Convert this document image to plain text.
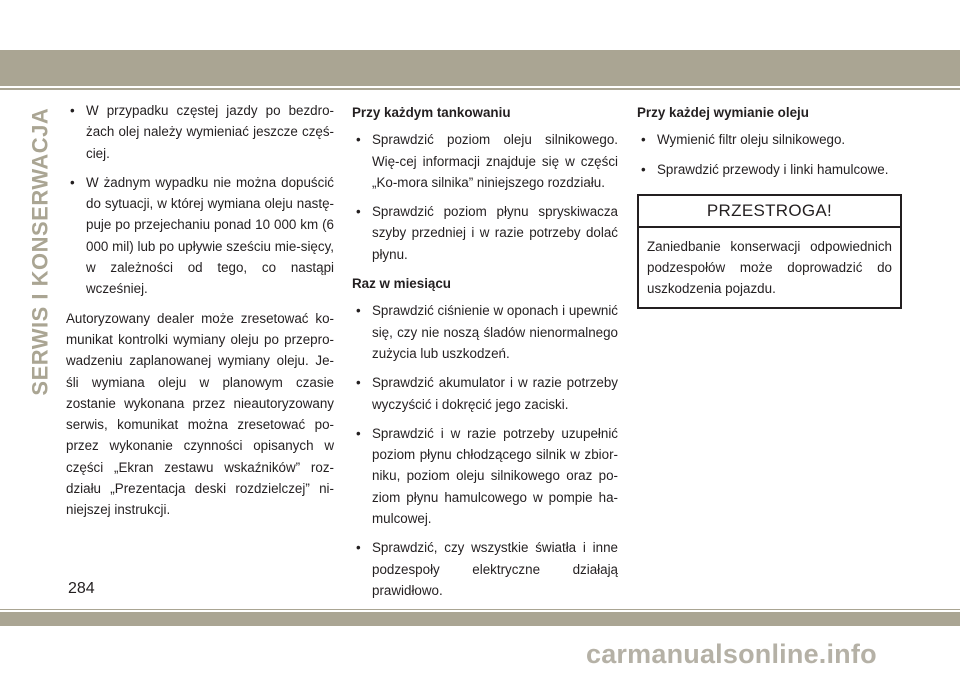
SERWIS I KONSERWACJA • W przypadku częstej jazdy po bezdro-żach olej należy wymieniać jeszcze częś-ciej.
• W żadnym wypadku nie można dopuścić do sytuacji, w której wymiana oleju nastę-puje po przejechaniu ponad 10 000 km (6 000 mil) lub po upływie sześciu mie-sięcy, w zależności od tego, co nastąpi wcześniej.

Autoryzowany dealer może zresetować ko-munikat kontrolki wymiany oleju po przepro-wadzeniu zaplanowanej wymiany oleju. Je-śli wymiana oleju w planowym czasie zostanie wykonana przez nieautoryzowany serwis, komunikat można zresetować po-przez wykonanie czynności opisanych w części „Ekran zestawu wskaźników” roz-działu „Prezentacja deski rozdzielczej” ni-niejszej instrukcji.

Przy każdym tankowaniu
• Sprawdzić poziom oleju silnikowego. Wię-cej informacji znajduje się w części „Ko-mora silnika” niniejszego rozdziału.
• Sprawdzić poziom płynu spryskiwacza szyby przedniej i w razie potrzeby dolać płynu.
Raz w miesiącu
• Sprawdzić ciśnienie w oponach i upewnić się, czy nie noszą śladów nienormalnego zużycia lub uszkodzeń.
• Sprawdzić akumulator i w razie potrzeby wyczyścić i dokręcić jego zaciski.
• Sprawdzić i w razie potrzeby uzupełnić poziom płynu chłodzącego silnik w zbior-niku, poziom oleju silnikowego oraz po-ziom płynu hamulcowego w pompie ha-mulcowej.
• Sprawdzić, czy wszystkie światła i inne podzespoły elektryczne działają prawidłowo.
Przy każdej wymianie oleju
• Wymienić filtr oleju silnikowego.
• Sprawdzić przewody i linki hamulcowe.
PRZESTROGA!
Zaniedbanie konserwacji odpowiednich podzespołów może doprowadzić do uszkodzenia pojazdu.
284
carmanualsonline.info
